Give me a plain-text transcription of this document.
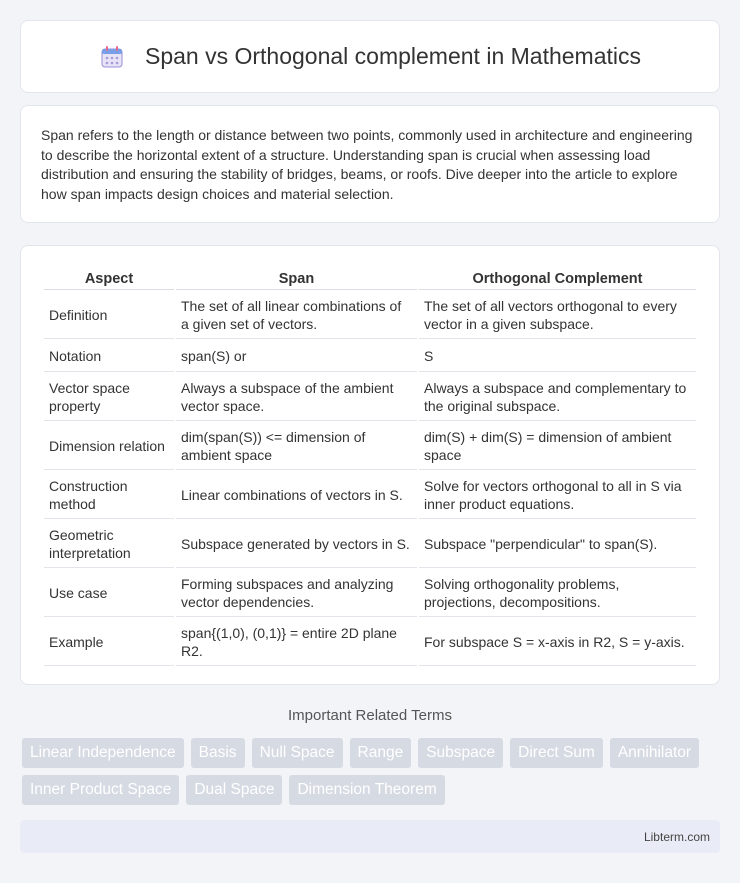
Span vs Orthogonal complement in Mathematics

Span refers to the length or distance between two points, commonly used in architecture and engineering to describe the horizontal extent of a structure. Understanding span is crucial when assessing load distribution and ensuring the stability of bridges, beams, or roofs. Dive deeper into the article to explore how span impacts design choices and material selection.

Aspect	Span	Orthogonal Complement
Definition	The set of all linear combinations of a given set of vectors.	The set of all vectors orthogonal to every vector in a given subspace.
Notation	span(S) or	S
Vector space property	Always a subspace of the ambient vector space.	Always a subspace and complementary to the original subspace.
Dimension relation	dim(span(S)) <= dimension of ambient space	dim(S) + dim(S) = dimension of ambient space
Construction method	Linear combinations of vectors in S.	Solve for vectors orthogonal to all in S via inner product equations.
Geometric interpretation	Subspace generated by vectors in S.	Subspace "perpendicular" to span(S).
Use case	Forming subspaces and analyzing vector dependencies.	Solving orthogonality problems, projections, decompositions.
Example	span{(1,0), (0,1)} = entire 2D plane R2.	For subspace S = x-axis in R2, S = y-axis.
Important Related Terms
Linear Independence	Basis	Null Space	Range	Subspace	Direct Sum	Annihilator
Inner Product Space	Dual Space	Dimension Theorem
Libterm.com
